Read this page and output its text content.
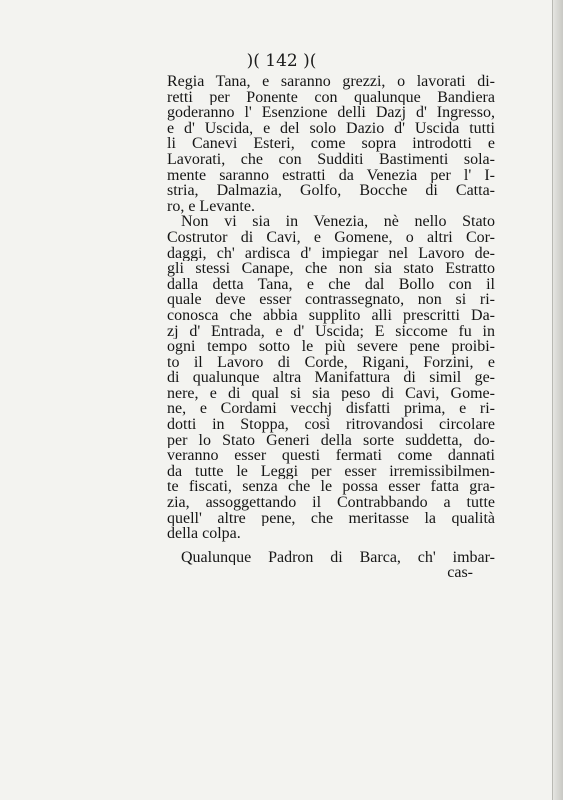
)( 142 )(
Regia Tana, e saranno grezzi, o lavorati di-
retti per Ponente con qualunque Bandiera
goderanno l' Esenzione delli Dazj d' Ingresso,
e d' Uscida, e del solo Dazio d' Uscida tutti
li Canevi Esteri, come sopra introdotti e
Lavorati, che con Sudditi Bastimenti sola-
mente saranno estratti da Venezia per l' I-
stria, Dalmazia, Golfo, Bocche di Catta-
ro, e Levante.
Non vi sia in Venezia, nè nello Stato
Costrutor di Cavi, e Gomene, o altri Cor-
daggi, ch' ardisca d' impiegar nel Lavoro de-
gli stessi Canape, che non sia stato Estratto
dalla detta Tana, e che dal Bollo con il
quale deve esser contrassegnato, non si ri-
conosca che abbia supplito alli prescritti Da-
zj d' Entrada, e d' Uscida; E siccome fu in
ogni tempo sotto le più severe pene proibi-
to il Lavoro di Corde, Rigani, Forzini, e
di qualunque altra Manifattura di simil ge-
nere, e di qual si sia peso di Cavi, Gome-
ne, e Cordami vecchj disfatti prima, e ri-
dotti in Stoppa, così ritrovandosi circolare
per lo Stato Generi della sorte suddetta, do-
veranno esser questi fermati come dannati
da tutte le Leggi per esser irremissibilmen-
te fiscati, senza che le possa esser fatta gra-
zia, assoggettando il Contrabbando a tutte
quell' altre pene, che meritasse la qualità
della colpa.
Qualunque Padron di Barca, ch' imbar-
cas-
